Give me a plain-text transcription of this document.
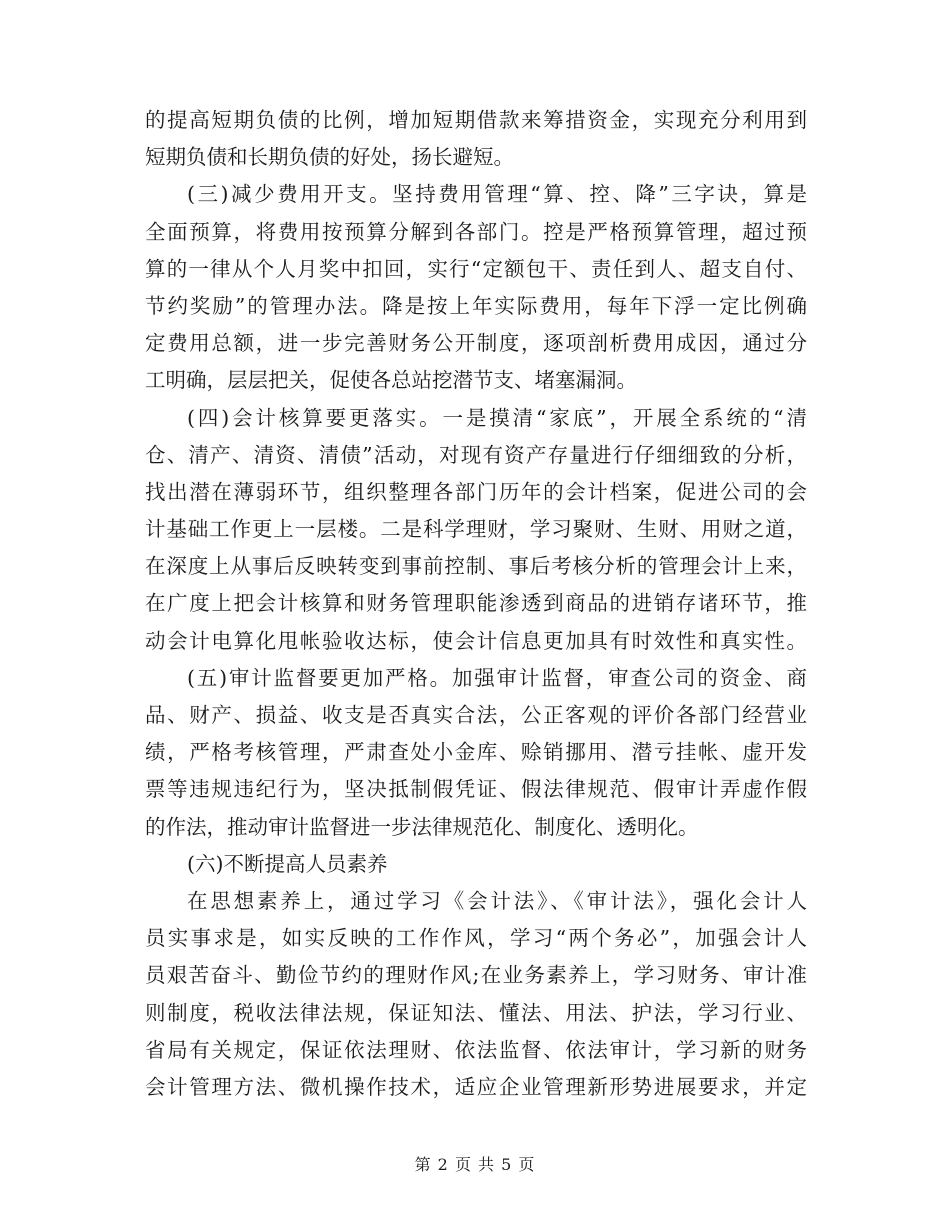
的提高短期负债的比例，增加短期借款来筹措资金，实现充分利用到
短期负债和长期负债的好处，扬长避短。
(三)减少费用开支。坚持费用管理“算、控、降”三字诀，算是
全面预算，将费用按预算分解到各部门。控是严格预算管理，超过预
算的一律从个人月奖中扣回，实行“定额包干、责任到人、超支自付、
节约奖励”的管理办法。降是按上年实际费用，每年下浮一定比例确
定费用总额，进一步完善财务公开制度，逐项剖析费用成因，通过分
工明确，层层把关，促使各总站挖潜节支、堵塞漏洞。
(四)会计核算要更落实。一是摸清“家底”，开展全系统的“清
仓、清产、清资、清债”活动，对现有资产存量进行仔细细致的分析，
找出潜在薄弱环节，组织整理各部门历年的会计档案，促进公司的会
计基础工作更上一层楼。二是科学理财，学习聚财、生财、用财之道，
在深度上从事后反映转变到事前控制、事后考核分析的管理会计上来，
在广度上把会计核算和财务管理职能渗透到商品的进销存诸环节，推
动会计电算化甩帐验收达标，使会计信息更加具有时效性和真实性。
(五)审计监督要更加严格。加强审计监督，审查公司的资金、商
品、财产、损益、收支是否真实合法，公正客观的评价各部门经营业
绩，严格考核管理，严肃查处小金库、赊销挪用、潜亏挂帐、虚开发
票等违规违纪行为，坚决抵制假凭证、假法律规范、假审计弄虚作假
的作法，推动审计监督进一步法律规范化、制度化、透明化。
(六)不断提高人员素养
在思想素养上，通过学习《会计法》、《审计法》，强化会计人
员实事求是，如实反映的工作作风，学习“两个务必”，加强会计人
员艰苦奋斗、勤俭节约的理财作风;在业务素养上，学习财务、审计准
则制度，税收法律法规，保证知法、懂法、用法、护法，学习行业、
省局有关规定，保证依法理财、依法监督、依法审计，学习新的财务
会计管理方法、微机操作技术，适应企业管理新形势进展要求，并定
第 2 页 共 5 页
